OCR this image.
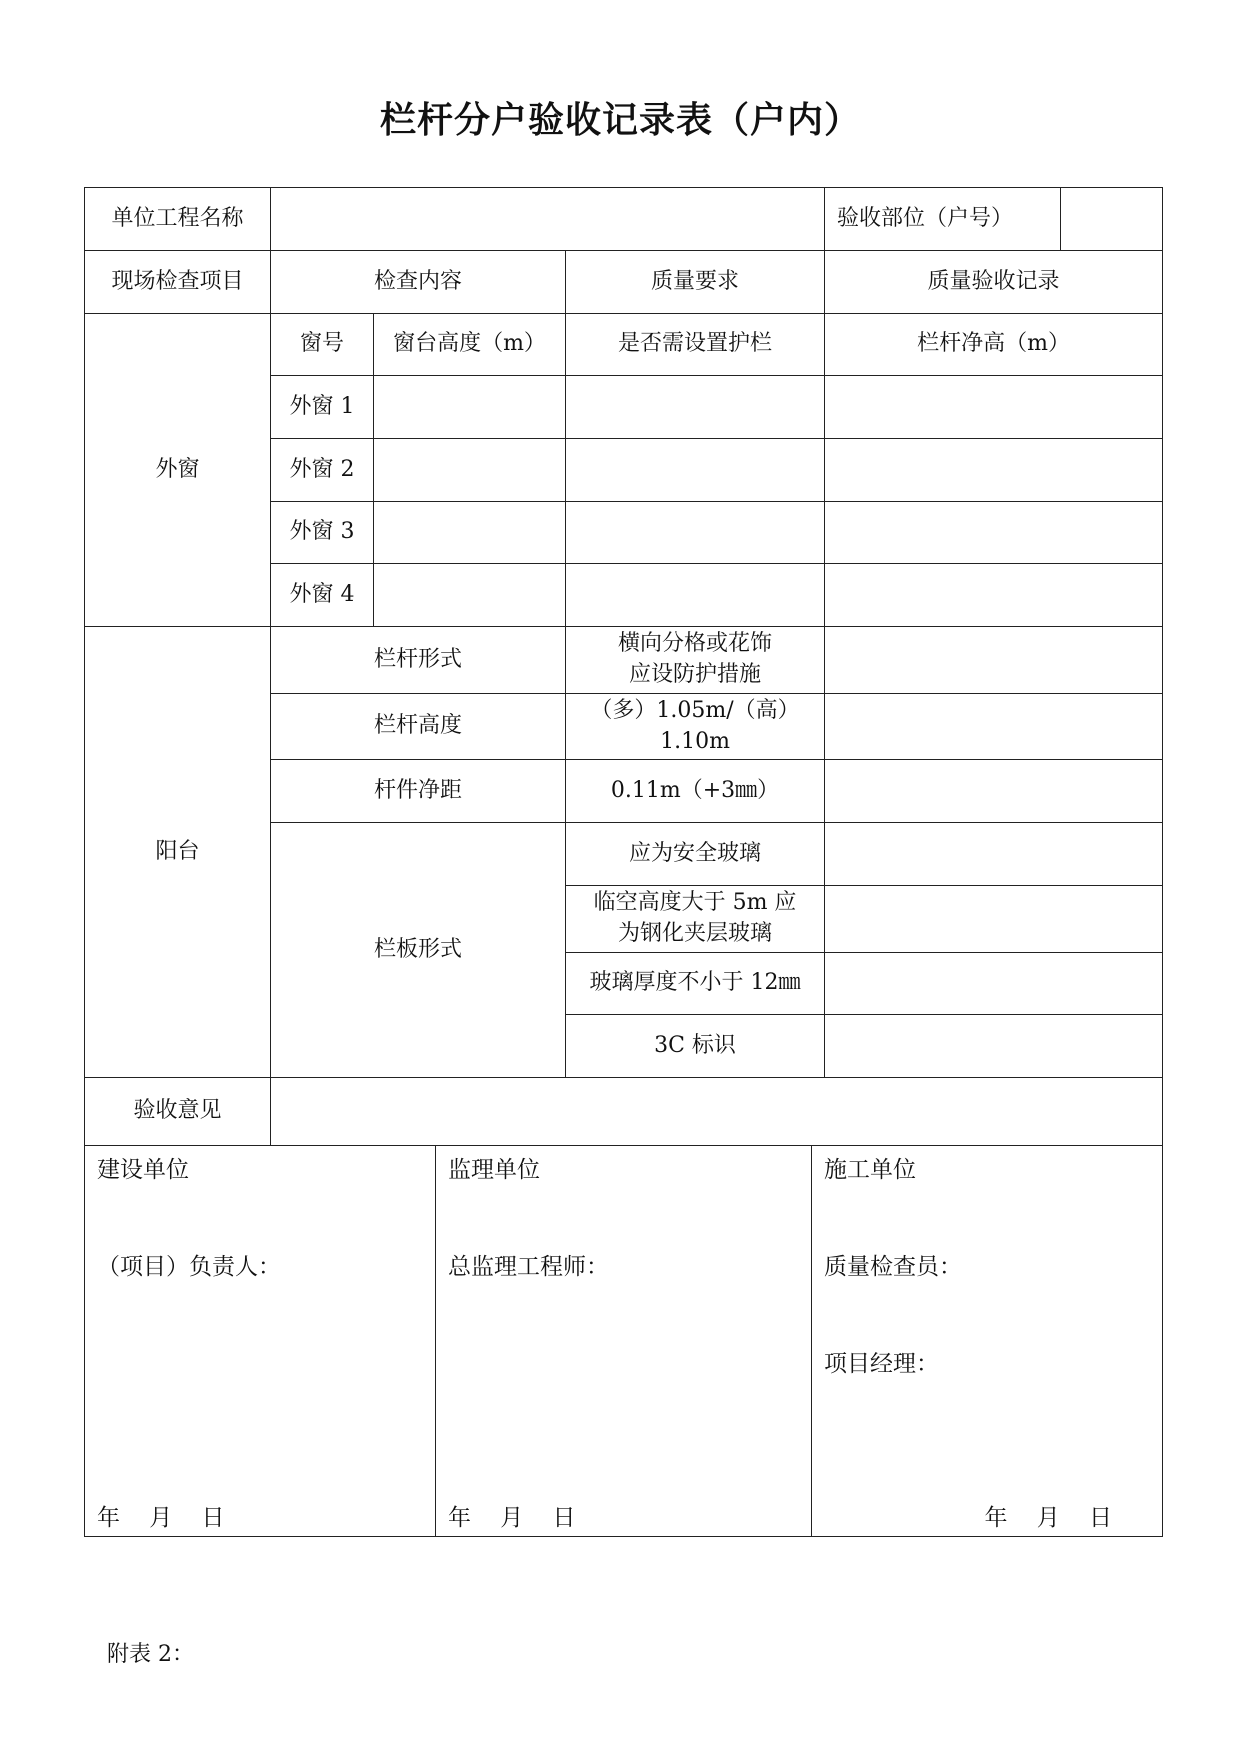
栏杆分户验收记录表（户内）
单位工程名称				验收部位（户号）	
现场检查项目	检查内容		质量要求	质量验收记录	
外窗	窗号	窗台高度（m）	是否需设置护栏	栏杆净高（m）	
	外窗 1				
	外窗 2				
	外窗 3				
	外窗 4				
阳台	栏杆形式		横向分格或花饰
应设防护措施		

	栏杆高度		（多）1.05m/（高）
1.10m		

	杆件净距		0.11m（+3㎜）		
	栏板形式		应为安全玻璃		

			临空高度大于 5m 应
为钢化夹层玻璃		

			玻璃厚度不小于 12㎜		
			3C 标识		
验收意见					
建设单位
（项目）负责人：
年    月    日

监理单位
总监理工程师：
年    月    日

施工单位
质量检查员：
项目经理：
年    月    日
附表 2：
